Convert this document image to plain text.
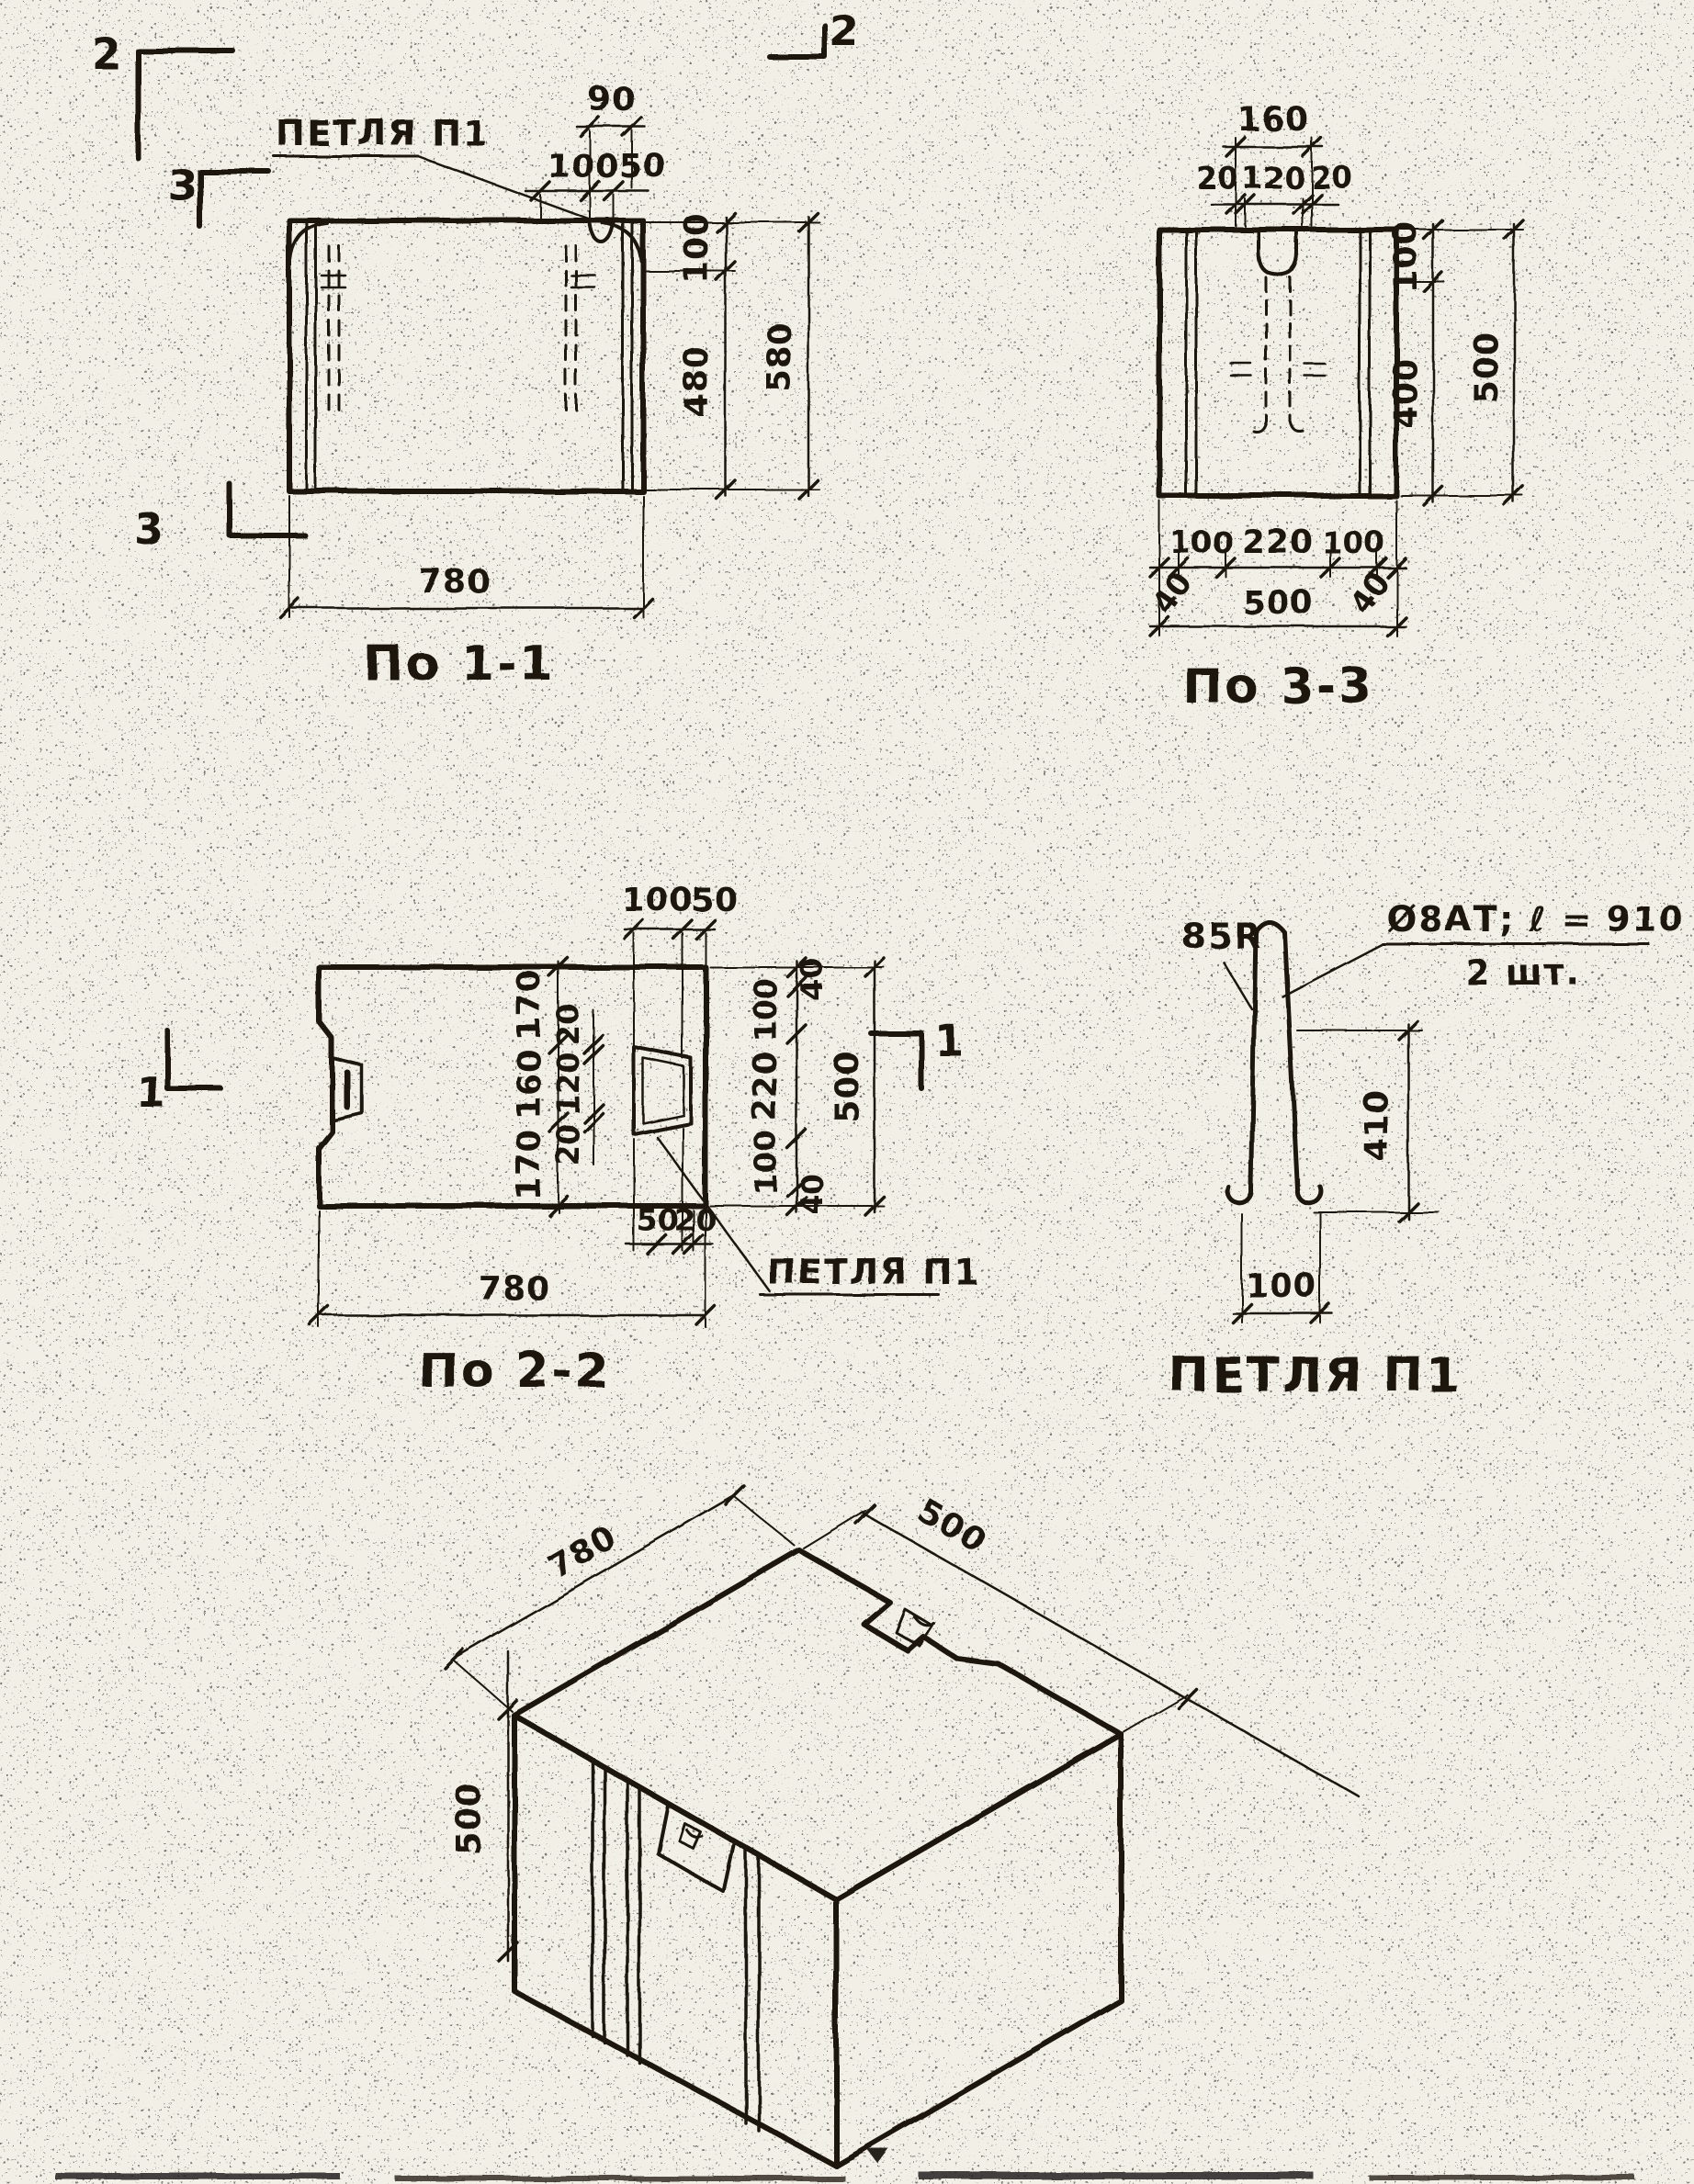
ПЕТЛЯ П1
90
100 50
100
480 580
780
По 1-1
2	2
3
3
160
20 120 20
100
400 500
100 220 100
40	40
500
По 3-3
170
160
170
20
120
20
100
50
40
100
220
100 40
500
50
20
780
По 2-2
ПЕТЛЯ П1
1
1
85R	Ø8АТ; ℓ = 910
2 шт.
410
100
ПЕТЛЯ П1
780	500
500
